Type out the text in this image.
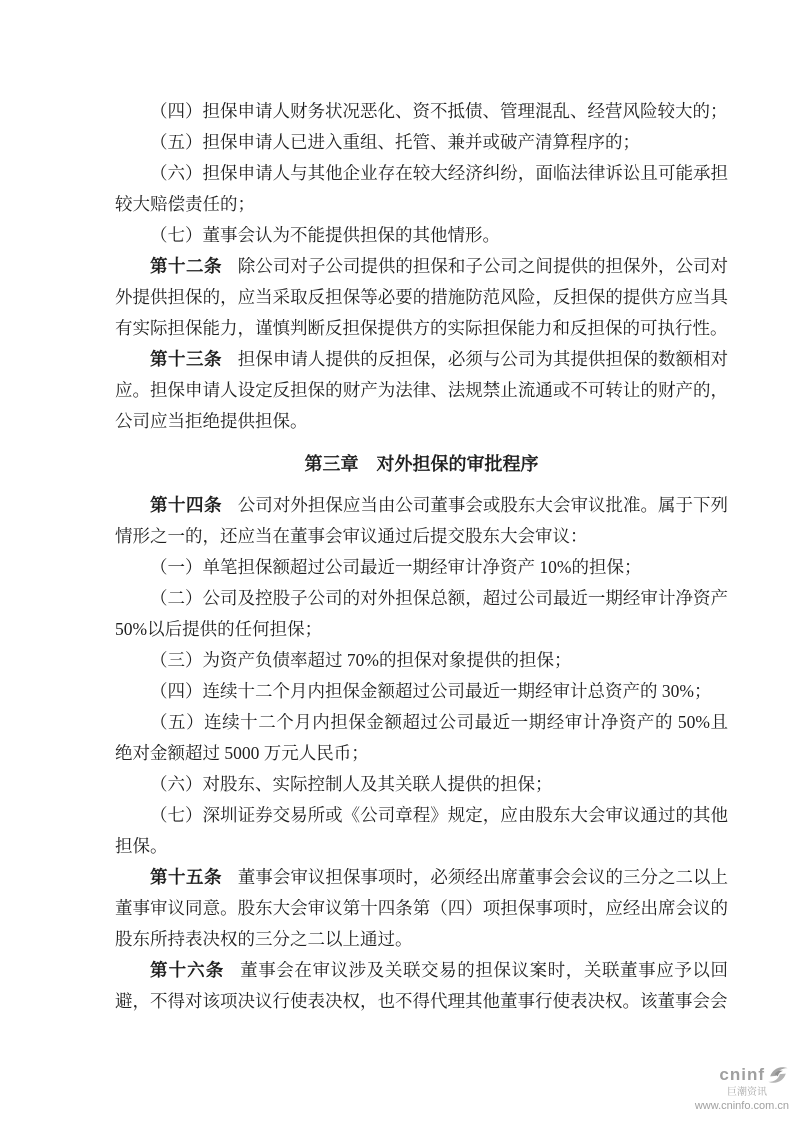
（四）担保申请人财务状况恶化、资不抵债、管理混乱、经营风险较大的；

（五）担保申请人已进入重组、托管、兼并或破产清算程序的；

（六）担保申请人与其他企业存在较大经济纠纷，面临法律诉讼且可能承担较大赔偿责任的；

（七）董事会认为不能提供担保的其他情形。

第十二条 除公司对子公司提供的担保和子公司之间提供的担保外，公司对外提供担保的，应当采取反担保等必要的措施防范风险，反担保的提供方应当具有实际担保能力，谨慎判断反担保提供方的实际担保能力和反担保的可执行性。

第十三条 担保申请人提供的反担保，必须与公司为其提供担保的数额相对应。担保申请人设定反担保的财产为法律、法规禁止流通或不可转让的财产的，公司应当拒绝提供担保。

第三章　对外担保的审批程序

第十四条 公司对外担保应当由公司董事会或股东大会审议批准。属于下列情形之一的，还应当在董事会审议通过后提交股东大会审议：

（一）单笔担保额超过公司最近一期经审计净资产 10%的担保；

（二）公司及控股子公司的对外担保总额，超过公司最近一期经审计净资产 50%以后提供的任何担保；

（三）为资产负债率超过 70%的担保对象提供的担保；

（四）连续十二个月内担保金额超过公司最近一期经审计总资产的 30%；

（五）连续十二个月内担保金额超过公司最近一期经审计净资产的 50%且绝对金额超过 5000 万元人民币；

（六）对股东、实际控制人及其关联人提供的担保；

（七）深圳证券交易所或《公司章程》规定，应由股东大会审议通过的其他担保。

第十五条 董事会审议担保事项时，必须经出席董事会会议的三分之二以上董事审议同意。股东大会审议第十四条第（四）项担保事项时，应经出席会议的股东所持表决权的三分之二以上通过。

第十六条 董事会在审议涉及关联交易的担保议案时，关联董事应予以回避，不得对该项决议行使表决权，也不得代理其他董事行使表决权。该董事会会

cninf
巨潮资讯
www.cninfo.com.cn
